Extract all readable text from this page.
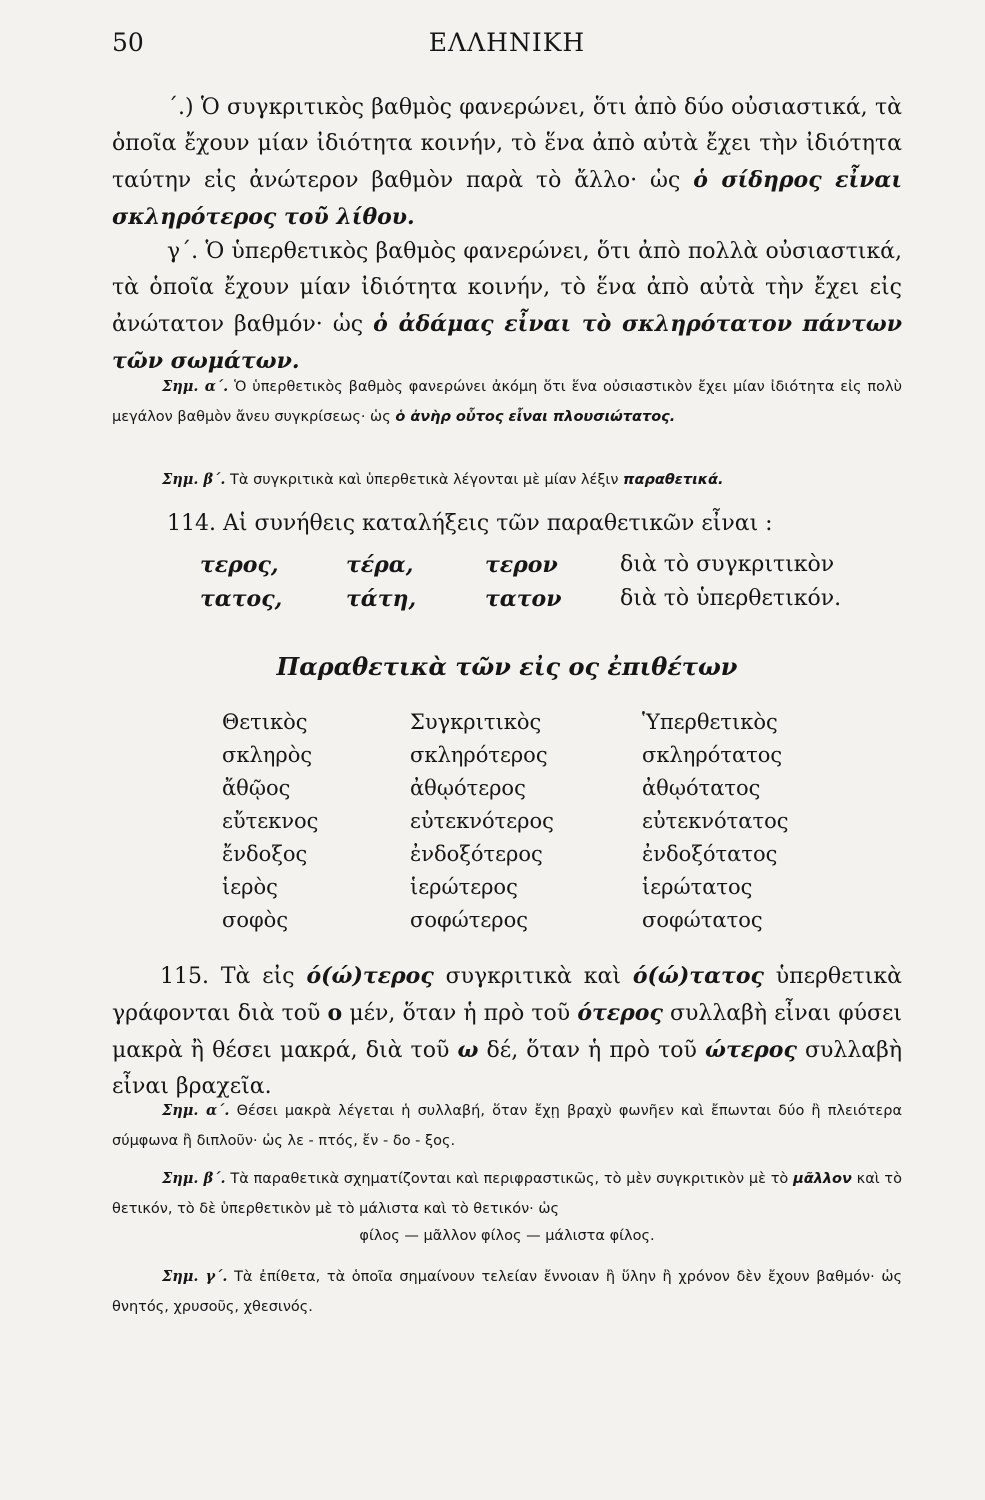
50	ΕΛΛΗΝΙΚΗ
΄.) Ὁ συγκριτικὸς βαθμὸς φανερώνει, ὅτι ἀπὸ δύο οὐσιαστικά, τὰ ὁποῖα ἔχουν μίαν ἰδιότητα κοινήν, τὸ ἕνα ἀπὸ αὐτὰ ἔχει τὴν ἰδιότητα ταύτην εἰς ἀνώτερον βαθμὸν παρὰ τὸ ἄλλο· ὡς ὁ σίδηρος εἶναι σκληρότερος τοῦ λίθου.
γ΄. Ὁ ὑπερθετικὸς βαθμὸς φανερώνει, ὅτι ἀπὸ πολλὰ οὐσιαστικά, τὰ ὁποῖα ἔχουν μίαν ἰδιότητα κοινήν, τὸ ἕνα ἀπὸ αὐτὰ τὴν ἔχει εἰς ἀνώτατον βαθμόν· ὡς ὁ ἀδάμας εἶναι τὸ σκληρότατον πάντων τῶν σωμάτων.
Σημ. α΄. Ὁ ὑπερθετικὸς βαθμὸς φανερώνει ἀκόμη ὅτι ἕνα οὐσιαστικὸν ἔχει μίαν ἰδιότητα εἰς πολὺ μεγάλον βαθμὸν ἄνευ συγκρίσεως· ὡς ὁ ἀνὴρ οὗτος εἶναι πλουσιώτατος.
Σημ. β΄. Τὰ συγκριτικὰ καὶ ὑπερθετικὰ λέγονται μὲ μίαν λέξιν παραθετικά.
114. Αἱ συνήθεις καταλήξεις τῶν παραθετικῶν εἶναι :
τερος,	τέρα,	τερον	διὰ τὸ συγκριτικὸν
τατος,	τάτη,	τατον	διὰ τὸ ὑπερθετικόν.
Παραθετικὰ τῶν εἰς ος ἐπιθέτων
Θετικὸς	Συγκριτικὸς	Ὑπερθετικὸς
σκληρὸς	σκληρότερος	σκληρότατος
ἄθῷος	ἀθῳότερος	ἀθῳότατος
εὔτεκνος	εὐτεκνότερος	εὐτεκνότατος
ἔνδοξος	ἐνδοξότερος	ἐνδοξότατος
ἱερὸς	ἱερώτερος	ἱερώτατος
σοφὸς	σοφώτερος	σοφώτατος
115. Τὰ εἰς ό(ώ)τερος συγκριτικὰ καὶ ό(ώ)τατος ὑπερθετικὰ γράφονται διὰ τοῦ ο μέν, ὅταν ἡ πρὸ τοῦ ότερος συλλαβὴ εἶναι φύσει μακρὰ ἢ θέσει μακρά, διὰ τοῦ ω δέ, ὅταν ἡ πρὸ τοῦ ώτερος συλλαβὴ εἶναι βραχεῖα.
Σημ. α΄. Θέσει μακρὰ λέγεται ἡ συλλαβή, ὅταν ἔχῃ βραχὺ φωνῆεν καὶ ἔπωνται δύο ἢ πλειότερα σύμφωνα ἢ διπλοῦν· ὡς λε - πτός, ἔν - δο - ξος.
Σημ. β΄. Τὰ παραθετικὰ σχηματίζονται καὶ περιφραστικῶς, τὸ μὲν συγκριτικὸν μὲ τὸ μᾶλλον καὶ τὸ θετικόν, τὸ δὲ ὑπερθετικὸν μὲ τὸ μάλιστα καὶ τὸ θετικόν· ὡς
φίλος — μᾶλλον φίλος — μάλιστα φίλος.
Σημ. γ΄. Τὰ ἐπίθετα, τὰ ὁποῖα σημαίνουν τελείαν ἔννοιαν ἢ ὕλην ἢ χρόνον δὲν ἔχουν βαθμόν· ὡς θνητός, χρυσοῦς, χθεσινός.
